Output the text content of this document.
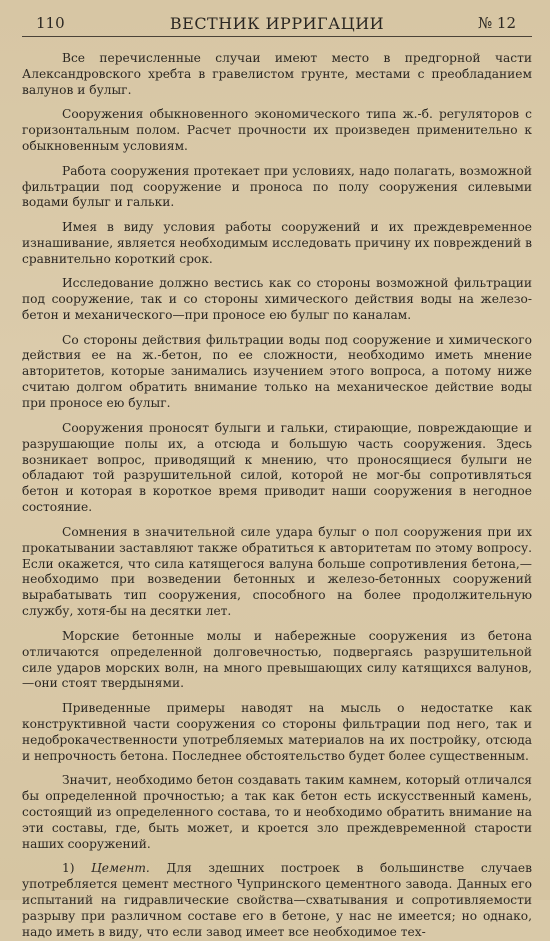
110	ВЕСТНИК ИРРИГАЦИИ	№ 12

Все перечисленные случаи имеют место в предгорной части Александровского хребта в гравелистом грунте, местами с преобладанием валунов и булыг.

Сооружения обыкновенного экономического типа ж.-б. регуляторов с горизонтальным полом. Расчет прочности их произведен применительно к обыкновенным условиям.

Работа сооружения протекает при условиях, надо полагать, возможной фильтрации под сооружение и проноса по полу сооружения силевыми водами булыг и гальки.

Имея в виду условия работы сооружений и их преждевременное изнашивание, является необходимым исследовать причину их повреждений в сравнительно короткий срок.

Исследование должно вестись как со стороны возможной фильтрации под сооружение, так и со стороны химического действия воды на железо-бетон и механического—при проносе ею булыг по каналам.

Со стороны действия фильтрации воды под сооружение и химического действия ее на ж.-бетон, по ее сложности, необходимо иметь мнение авторитетов, которые занимались изучением этого вопроса, а потому ниже считаю долгом обратить внимание только на механическое действие воды при проносе ею булыг.

Сооружения проносят булыги и гальки, стирающие, повреждающие и разрушающие полы их, а отсюда и большую часть сооружения. Здесь возникает вопрос, приводящий к мнению, что проносящиеся булыги не обладают той разрушительной силой, которой не мог-бы сопротивляться бетон и которая в короткое время приводит наши сооружения в негодное состояние.

Сомнения в значительной силе удара булыг о пол сооружения при их прокатывании заставляют также обратиться к авторитетам по этому вопросу. Если окажется, что сила катящегося валуна больше сопротивления бетона,—необходимо при возведении бетонных и железо-бетонных сооружений вырабатывать тип сооружения, способного на более продолжительную службу, хотя-бы на десятки лет.

Морские бетонные молы и набережные сооружения из бетона отличаются определенной долговечностью, подвергаясь разрушительной силе ударов морских волн, на много превышающих силу катящихся валунов,—они стоят твердынями.

Приведенные примеры наводят на мысль о недостатке как конструктивной части сооружения со стороны фильтрации под него, так и недоброкачественности употребляемых материалов на их постройку, отсюда и непрочность бетона. Последнее обстоятельство будет более существенным.

Значит, необходимо бетон создавать таким камнем, который отличался бы определенной прочностью; а так как бетон есть искусственный камень, состоящий из определенного состава, то и необходимо обратить внимание на эти составы, где, быть может, и кроется зло преждевременной старости наших сооружений.

1) Цемент. Для здешних построек в большинстве случаев употребляется цемент местного Чупринского цементного завода. Данных его испытаний на гидравлические свойства—схватывания и сопротивляемости разрыву при различном составе его в бетоне, у нас не имеется; но однако, надо иметь в виду, что если завод имеет все необходимое тех-
